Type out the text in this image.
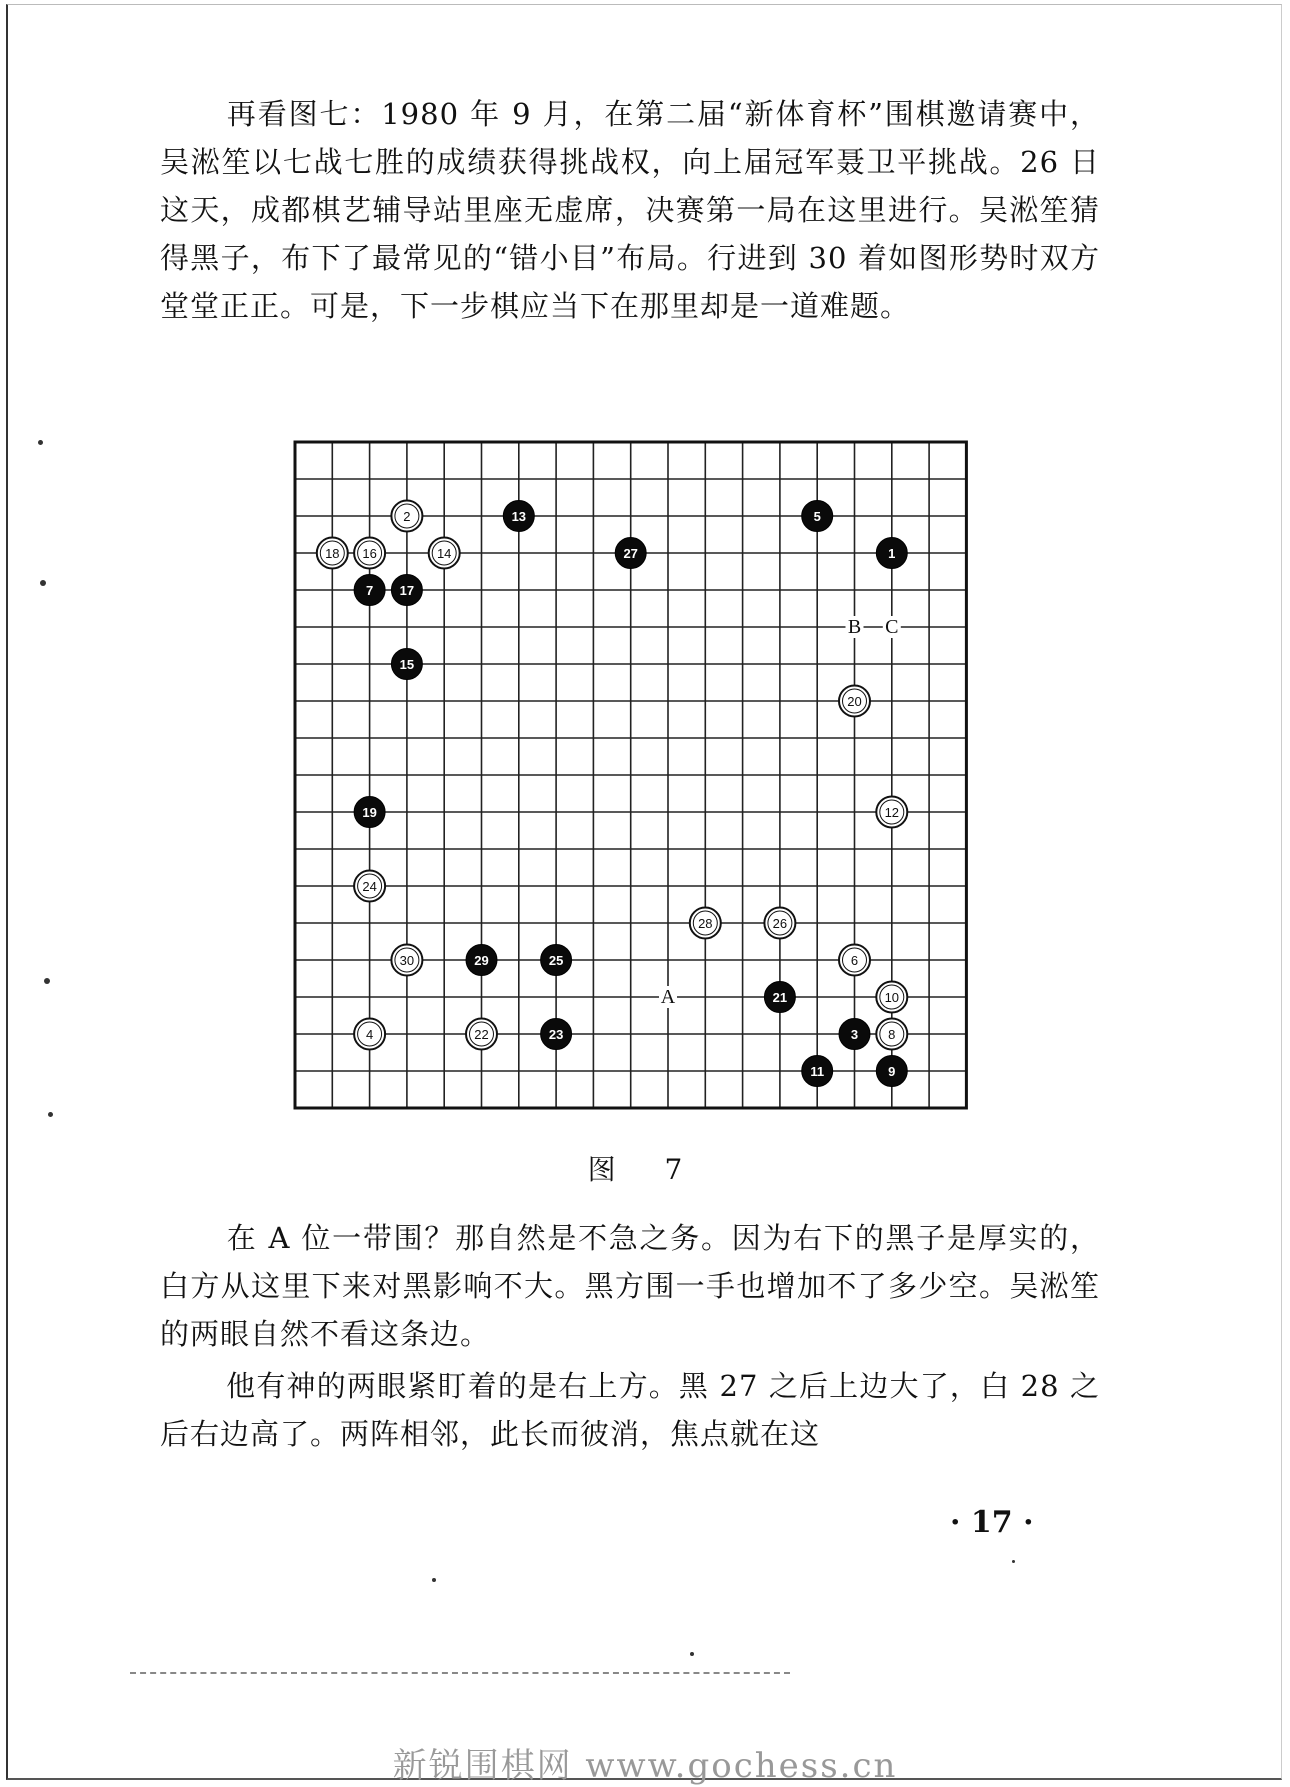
再看图七：1980 年 9 月，在第二届“新体育杯”围棋邀请赛中，吴淞笙以七战七胜的成绩获得挑战权，向上届冠军聂卫平挑战。26 日这天，成都棋艺辅导站里座无虚席，决赛第一局在这里进行。吴淞笙猜得黑子，布下了最常见的“错小目”布局。行进到 30 着如图形势时双方堂堂正正。可是，下一步棋应当下在那里却是一道难题。

A
B C
1
2
3
4
5
6
7
8
9
10
11
12
13
14
15
16
17
18
19
20
21
22	23
24
25
26
27
28
29
30
图 7

在 A 位一带围？那自然是不急之务。因为右下的黑子是厚实的，白方从这里下来对黑影响不大。黑方围一手也增加不了多少空。吴淞笙的两眼自然不看这条边。

他有神的两眼紧盯着的是右上方。黑 27 之后上边大了，白 28 之后右边高了。两阵相邻，此长而彼消，焦点就在这

· 17 ·
新锐围棋网 www.gochess.cn
